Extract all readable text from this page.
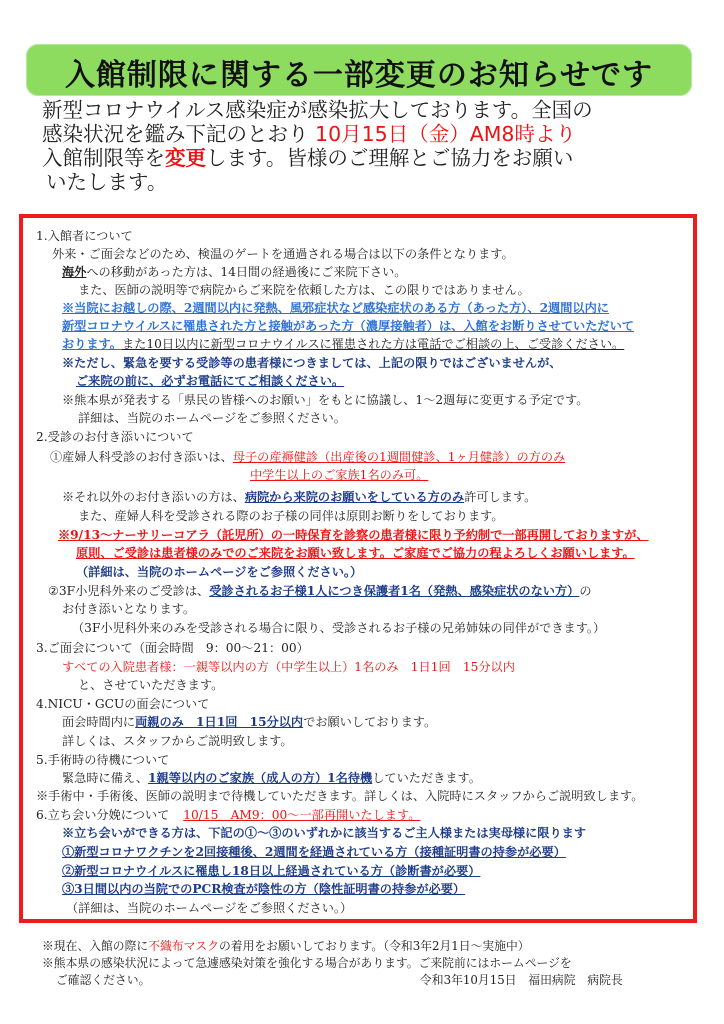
入館制限に関する一部変更のお知らせです
新型コロナウイルス感染症が感染拡大しております。全国の
感染状況を鑑み下記のとおり 10月15日（金）AM8時より
入館制限等を変更します。皆様のご理解とご協力をお願い
いたします。
1.入館者について
外来・ご面会などのため、検温のゲートを通過される場合は以下の条件となります。
海外への移動があった方は、14日間の経過後にご来院下さい。
また、医師の説明等で病院からご来院を依頼した方は、この限りではありません。
※当院にお越しの際、2週間以内に発熱、風邪症状など感染症状のある方（あった方）、2週間以内に
新型コロナウイルスに罹患された方と接触があった方（濃厚接触者）は、入館をお断りさせていただいて
おります。また10日以内に新型コロナウイルスに罹患された方は電話でご相談の上、ご受診ください。
※ただし、緊急を要する受診等の患者様につきましては、上記の限りではございませんが、
ご来院の前に、必ずお電話にてご相談ください。
※熊本県が発表する「県民の皆様へのお願い」をもとに協議し、1〜2週毎に変更する予定です。
詳細は、当院のホームページをご参照ください。
2.受診のお付き添いについて
①産婦人科受診のお付き添いは、母子の産褥健診（出産後の1週間健診、1ヶ月健診）の方のみ
中学生以上のご家族1名のみ可。
※それ以外のお付き添いの方は、病院から来院のお願いをしている方のみ許可します。
また、産婦人科を受診される際のお子様の同伴は原則お断りをしております。
※9/13〜ナーサリーコアラ（託児所）の一時保育を診察の患者様に限り予約制で一部再開しておりますが、
原則、ご受診は患者様のみでのご来院をお願い致します。ご家庭でご協力の程よろしくお願いします。
（詳細は、当院のホームページをご参照ください。）
②3F小児科外来のご受診は、受診されるお子様1人につき保護者1名（発熱、感染症状のない方）の
お付き添いとなります。
（3F小児科外来のみを受診される場合に限り、受診されるお子様の兄弟姉妹の同伴ができます。）
3.ご面会について（面会時間　9：00〜21：00）
すべての入院患者様：一親等以内の方（中学生以上）1名のみ　1日1回　15分以内
と、させていただきます。
4.NICU・GCUの面会について
面会時間内に両親のみ　1日1回　15分以内でお願いしております。
詳しくは、スタッフからご説明致します。
5.手術時の待機について
緊急時に備え、1親等以内のご家族（成人の方）1名待機していただきます。
※手術中・手術後、医師の説明まで待機していただきます。詳しくは、入院時にスタッフからご説明致します。
6.立ち会い分娩について 10/15　AM9：00〜一部再開いたします。
※立ち会いができる方は、下記の①〜③のいずれかに該当するご主人様または実母様に限ります
①新型コロナワクチンを2回接種後、2週間を経過されている方（接種証明書の持参が必要）
②新型コロナウイルスに罹患し18日以上経過されている方（診断書が必要）
③3日間以内の当院でのPCR検査が陰性の方（陰性証明書の持参が必要）
（詳細は、当院のホームページをご参照ください。）
※現在、入館の際に不織布マスクの着用をお願いしております。（令和3年2月1日〜実施中）
※熊本県の感染状況によって急遽感染対策を強化する場合があります。ご来院前にはホームページを
ご確認ください。	令和3年10月15日　福田病院　病院長
